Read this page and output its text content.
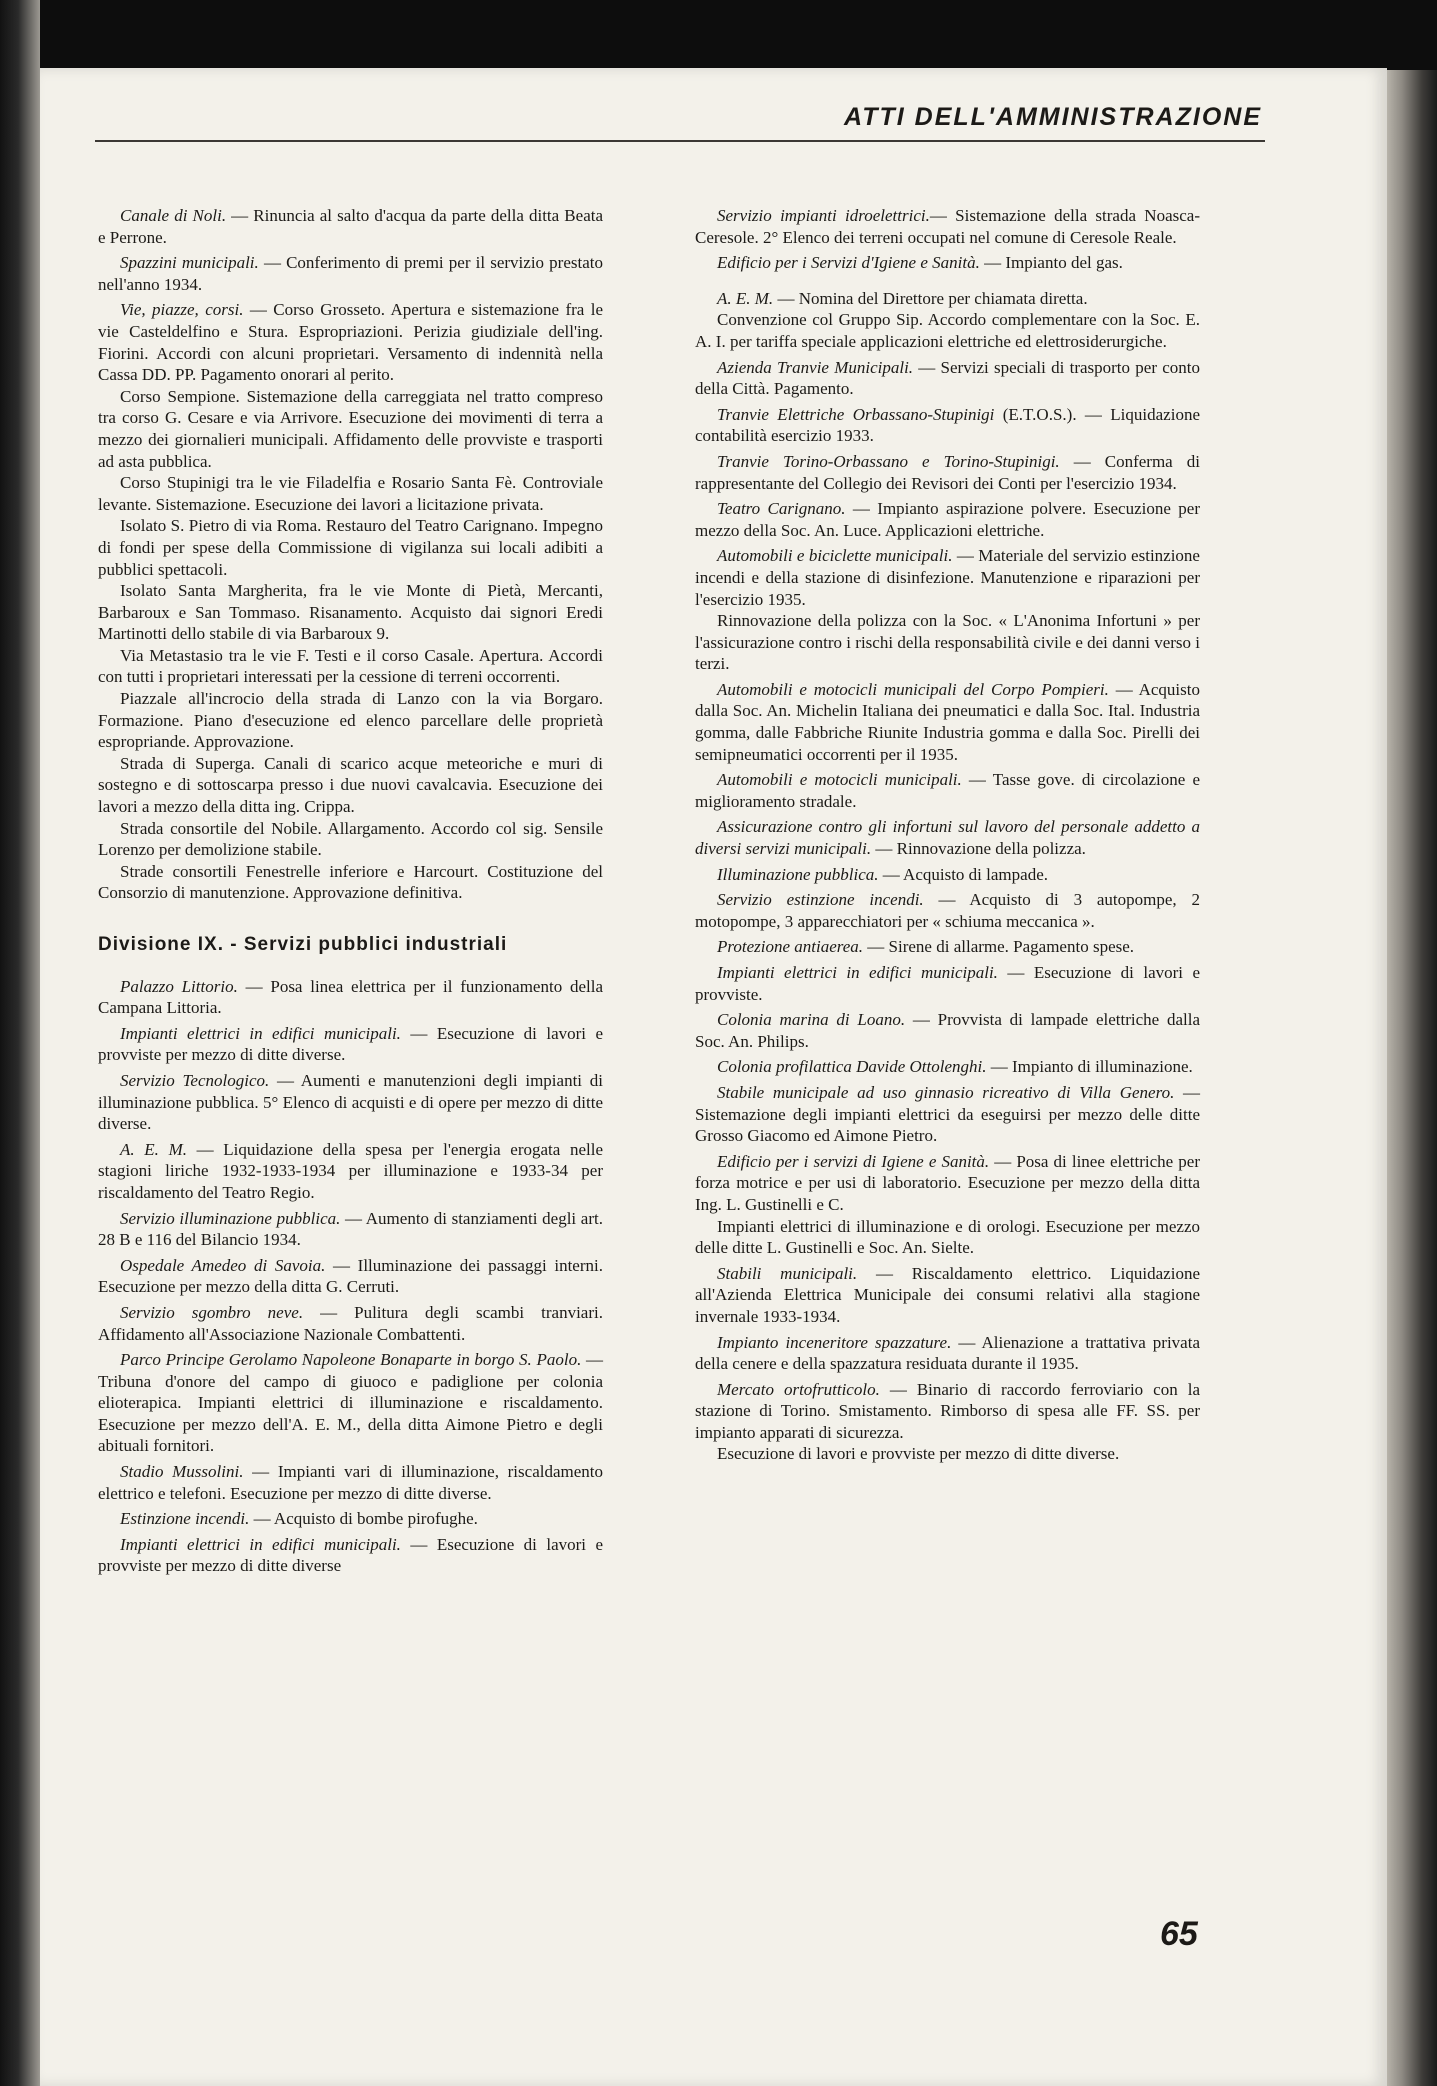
ATTI DELL'AMMINISTRAZIONE

Canale di Noli. — Rinuncia al salto d'acqua da parte della ditta Beata e Perrone.

Spazzini municipali. — Conferimento di premi per il servizio prestato nell'anno 1934.

Vie, piazze, corsi. — Corso Grosseto. Apertura e sistemazione fra le vie Casteldelfino e Stura. Espropriazioni. Perizia giudiziale dell'ing. Fiorini. Accordi con alcuni proprietari. Versamento di indennità nella Cassa DD. PP. Pagamento onorari al perito.

Corso Sempione. Sistemazione della carreggiata nel tratto compreso tra corso G. Cesare e via Arrivore. Esecuzione dei movimenti di terra a mezzo dei giornalieri municipali. Affidamento delle provviste e trasporti ad asta pubblica.

Corso Stupinigi tra le vie Filadelfia e Rosario Santa Fè. Controviale levante. Sistemazione. Esecuzione dei lavori a licitazione privata.

Isolato S. Pietro di via Roma. Restauro del Teatro Carignano. Impegno di fondi per spese della Commissione di vigilanza sui locali adibiti a pubblici spettacoli.

Isolato Santa Margherita, fra le vie Monte di Pietà, Mercanti, Barbaroux e San Tommaso. Risanamento. Acquisto dai signori Eredi Martinotti dello stabile di via Barbaroux 9.

Via Metastasio tra le vie F. Testi e il corso Casale. Apertura. Accordi con tutti i proprietari interessati per la cessione di terreni occorrenti.

Piazzale all'incrocio della strada di Lanzo con la via Borgaro. Formazione. Piano d'esecuzione ed elenco parcellare delle proprietà espropriande. Approvazione.

Strada di Superga. Canali di scarico acque meteoriche e muri di sostegno e di sottoscarpa presso i due nuovi cavalcavia. Esecuzione dei lavori a mezzo della ditta ing. Crippa.

Strada consortile del Nobile. Allargamento. Accordo col sig. Sensile Lorenzo per demolizione stabile.

Strade consortili Fenestrelle inferiore e Harcourt. Costituzione del Consorzio di manutenzione. Approvazione definitiva.

Divisione IX. - Servizi pubblici industriali

Palazzo Littorio. — Posa linea elettrica per il funzionamento della Campana Littoria.

Impianti elettrici in edifici municipali. — Esecuzione di lavori e provviste per mezzo di ditte diverse.

Servizio Tecnologico. — Aumenti e manutenzioni degli impianti di illuminazione pubblica. 5° Elenco di acquisti e di opere per mezzo di ditte diverse.

A. E. M. — Liquidazione della spesa per l'energia erogata nelle stagioni liriche 1932-1933-1934 per illuminazione e 1933-34 per riscaldamento del Teatro Regio.

Servizio illuminazione pubblica. — Aumento di stanziamenti degli art. 28 B e 116 del Bilancio 1934.

Ospedale Amedeo di Savoia. — Illuminazione dei passaggi interni. Esecuzione per mezzo della ditta G. Cerruti.

Servizio sgombro neve. — Pulitura degli scambi tranviari. Affidamento all'Associazione Nazionale Combattenti.

Parco Principe Gerolamo Napoleone Bonaparte in borgo S. Paolo. — Tribuna d'onore del campo di giuoco e padiglione per colonia elioterapica. Impianti elettrici di illuminazione e riscaldamento. Esecuzione per mezzo dell'A. E. M., della ditta Aimone Pietro e degli abituali fornitori.

Stadio Mussolini. — Impianti vari di illuminazione, riscaldamento elettrico e telefoni. Esecuzione per mezzo di ditte diverse.

Estinzione incendi. — Acquisto di bombe pirofughe.

Impianti elettrici in edifici municipali. — Esecuzione di lavori e provviste per mezzo di ditte diverse

Servizio impianti idroelettrici.— Sistemazione della strada Noasca-Ceresole. 2° Elenco dei terreni occupati nel comune di Ceresole Reale.

Edificio per i Servizi d'Igiene e Sanità. — Impianto del gas.

A. E. M. — Nomina del Direttore per chiamata diretta.

Convenzione col Gruppo Sip. Accordo complementare con la Soc. E. A. I. per tariffa speciale applicazioni elettriche ed elettrosiderurgiche.

Azienda Tranvie Municipali. — Servizi speciali di trasporto per conto della Città. Pagamento.

Tranvie Elettriche Orbassano-Stupinigi (E.T.O.S.). — Liquidazione contabilità esercizio 1933.

Tranvie Torino-Orbassano e Torino-Stupinigi. — Conferma di rappresentante del Collegio dei Revisori dei Conti per l'esercizio 1934.

Teatro Carignano. — Impianto aspirazione polvere. Esecuzione per mezzo della Soc. An. Luce. Applicazioni elettriche.

Automobili e biciclette municipali. — Materiale del servizio estinzione incendi e della stazione di disinfezione. Manutenzione e riparazioni per l'esercizio 1935.

Rinnovazione della polizza con la Soc. « L'Anonima Infortuni » per l'assicurazione contro i rischi della responsabilità civile e dei danni verso i terzi.

Automobili e motocicli municipali del Corpo Pompieri. — Acquisto dalla Soc. An. Michelin Italiana dei pneumatici e dalla Soc. Ital. Industria gomma, dalle Fabbriche Riunite Industria gomma e dalla Soc. Pirelli dei semipneumatici occorrenti per il 1935.

Automobili e motocicli municipali. — Tasse gove. di circolazione e miglioramento stradale.

Assicurazione contro gli infortuni sul lavoro del personale addetto a diversi servizi municipali. — Rinnovazione della polizza.

Illuminazione pubblica. — Acquisto di lampade.

Servizio estinzione incendi. — Acquisto di 3 autopompe, 2 motopompe, 3 apparecchiatori per « schiuma meccanica ».

Protezione antiaerea. — Sirene di allarme. Pagamento spese.

Impianti elettrici in edifici municipali. — Esecuzione di lavori e provviste.

Colonia marina di Loano. — Provvista di lampade elettriche dalla Soc. An. Philips.

Colonia profilattica Davide Ottolenghi. — Impianto di illuminazione.

Stabile municipale ad uso ginnasio ricreativo di Villa Genero. — Sistemazione degli impianti elettrici da eseguirsi per mezzo delle ditte Grosso Giacomo ed Aimone Pietro.

Edificio per i servizi di Igiene e Sanità. — Posa di linee elettriche per forza motrice e per usi di laboratorio. Esecuzione per mezzo della ditta Ing. L. Gustinelli e C.

Impianti elettrici di illuminazione e di orologi. Esecuzione per mezzo delle ditte L. Gustinelli e Soc. An. Sielte.

Stabili municipali. — Riscaldamento elettrico. Liquidazione all'Azienda Elettrica Municipale dei consumi relativi alla stagione invernale 1933-1934.

Impianto inceneritore spazzature. — Alienazione a trattativa privata della cenere e della spazzatura residuata durante il 1935.

Mercato ortofrutticolo. — Binario di raccordo ferroviario con la stazione di Torino. Smistamento. Rimborso di spesa alle FF. SS. per impianto apparati di sicurezza.

Esecuzione di lavori e provviste per mezzo di ditte diverse.

65
